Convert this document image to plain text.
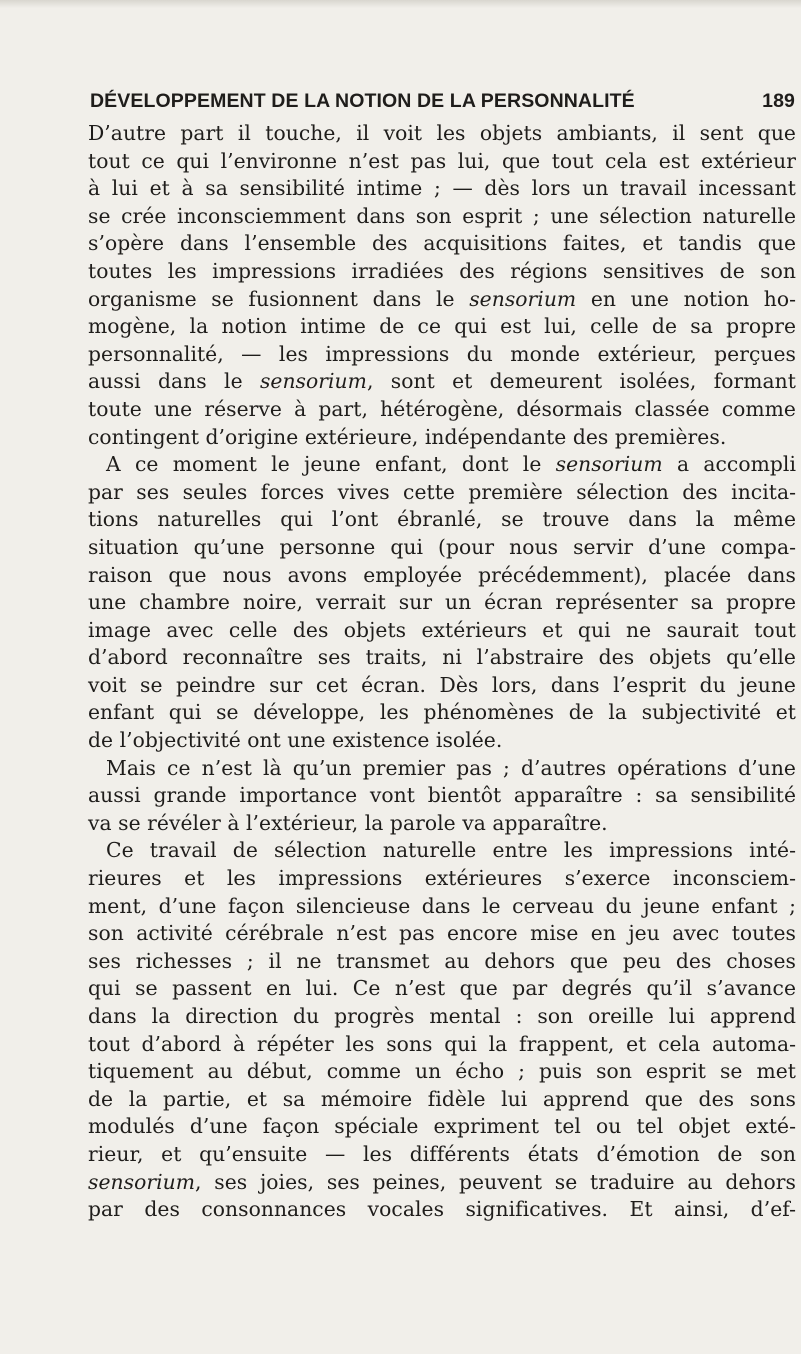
DÉVELOPPEMENT DE LA NOTION DE LA PERSONNALITÉ	189
D’autre part il touche, il voit les objets ambiants, il sent que
tout ce qui l’environne n’est pas lui, que tout cela est extérieur
à lui et à sa sensibilité intime ; — dès lors un travail incessant
se crée inconsciemment dans son esprit ; une sélection naturelle
s’opère dans l’ensemble des acquisitions faites, et tandis que
toutes les impressions irradiées des régions sensitives de son
organisme se fusionnent dans le sensorium en une notion ho-
mogène, la notion intime de ce qui est lui, celle de sa propre
personnalité, — les impressions du monde extérieur, perçues
aussi dans le sensorium, sont et demeurent isolées, formant
toute une réserve à part, hétérogène, désormais classée comme
contingent d’origine extérieure, indépendante des premières.
A ce moment le jeune enfant, dont le sensorium a accompli
par ses seules forces vives cette première sélection des incita-
tions naturelles qui l’ont ébranlé, se trouve dans la même
situation qu’une personne qui (pour nous servir d’une compa-
raison que nous avons employée précédemment), placée dans
une chambre noire, verrait sur un écran représenter sa propre
image avec celle des objets extérieurs et qui ne saurait tout
d’abord reconnaître ses traits, ni l’abstraire des objets qu’elle
voit se peindre sur cet écran. Dès lors, dans l’esprit du jeune
enfant qui se développe, les phénomènes de la subjectivité et
de l’objectivité ont une existence isolée.
Mais ce n’est là qu’un premier pas ; d’autres opérations d’une
aussi grande importance vont bientôt apparaître : sa sensibilité
va se révéler à l’extérieur, la parole va apparaître.
Ce travail de sélection naturelle entre les impressions inté-
rieures et les impressions extérieures s’exerce inconsciem-
ment, d’une façon silencieuse dans le cerveau du jeune enfant ;
son activité cérébrale n’est pas encore mise en jeu avec toutes
ses richesses ; il ne transmet au dehors que peu des choses
qui se passent en lui. Ce n’est que par degrés qu’il s’avance
dans la direction du progrès mental : son oreille lui apprend
tout d’abord à répéter les sons qui la frappent, et cela automa-
tiquement au début, comme un écho ; puis son esprit se met
de la partie, et sa mémoire fidèle lui apprend que des sons
modulés d’une façon spéciale expriment tel ou tel objet exté-
rieur, et qu’ensuite — les différents états d’émotion de son
sensorium, ses joies, ses peines, peuvent se traduire au dehors
par des consonnances vocales significatives. Et ainsi, d’ef-
